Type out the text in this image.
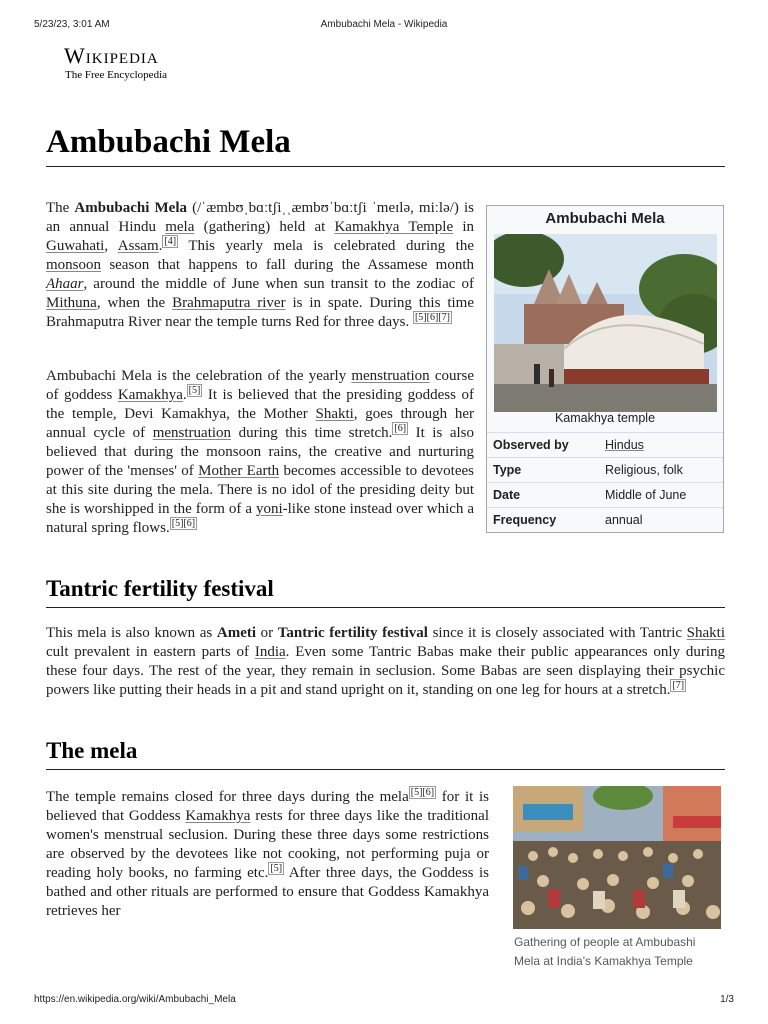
5/23/23, 3:01 AM	Ambubachi Mela - Wikipedia
Wikipedia
The Free Encyclopedia
Ambubachi Mela

The Ambubachi Mela (/ˈæmbʊˌbɑːtʃiˌˌæmbʊˈbɑːtʃi ˈmeɪlə, miːlə/) is an annual Hindu mela (gathering) held at Kamakhya Temple in Guwahati, Assam. [4] This yearly mela is celebrated during the monsoon season that happens to fall during the Assamese month Ahaar, around the middle of June when sun transit to the zodiac of Mithuna, when the Brahmaputra river is in spate. During this time Brahmaputra River near the temple turns Red for three days. [5][6][7]

Ambubachi Mela is the celebration of the yearly menstruation course of goddess Kamakhya. [5] It is believed that the presiding goddess of the temple, Devi Kamakhya, the Mother Shakti, goes through her annual cycle of menstruation during this time stretch. [6] It is also believed that during the monsoon rains, the creative and nurturing power of the 'menses' of Mother Earth becomes accessible to devotees at this site during the mela. There is no idol of the presiding deity but she is worshipped in the form of a yoni-like stone instead over which a natural spring flows. [5][6]

Ambubachi Mela
Kamakhya temple
Observed by	Hindus
Type	Religious, folk
Date	Middle of June
Frequency	annual
Tantric fertility festival

This mela is also known as Ameti or Tantric fertility festival since it is closely associated with Tantric Shakti cult prevalent in eastern parts of India. Even some Tantric Babas make their public appearances only during these four days. The rest of the year, they remain in seclusion. Some Babas are seen displaying their psychic powers like putting their heads in a pit and stand upright on it, standing on one leg for hours at a stretch. [7]

The mela

The temple remains closed for three days during the mela [5][6] for it is believed that Goddess Kamakhya rests for three days like the traditional women's menstrual seclusion. During these three days some restrictions are observed by the devotees like not cooking, not performing puja or reading holy books, no farming etc. [5] After three days, the Goddess is bathed and other rituals are performed to ensure that Goddess Kamakhya retrieves her

Gathering of people at Ambubashi Mela at India's Kamakhya Temple
https://en.wikipedia.org/wiki/Ambubachi_Mela	1/3
